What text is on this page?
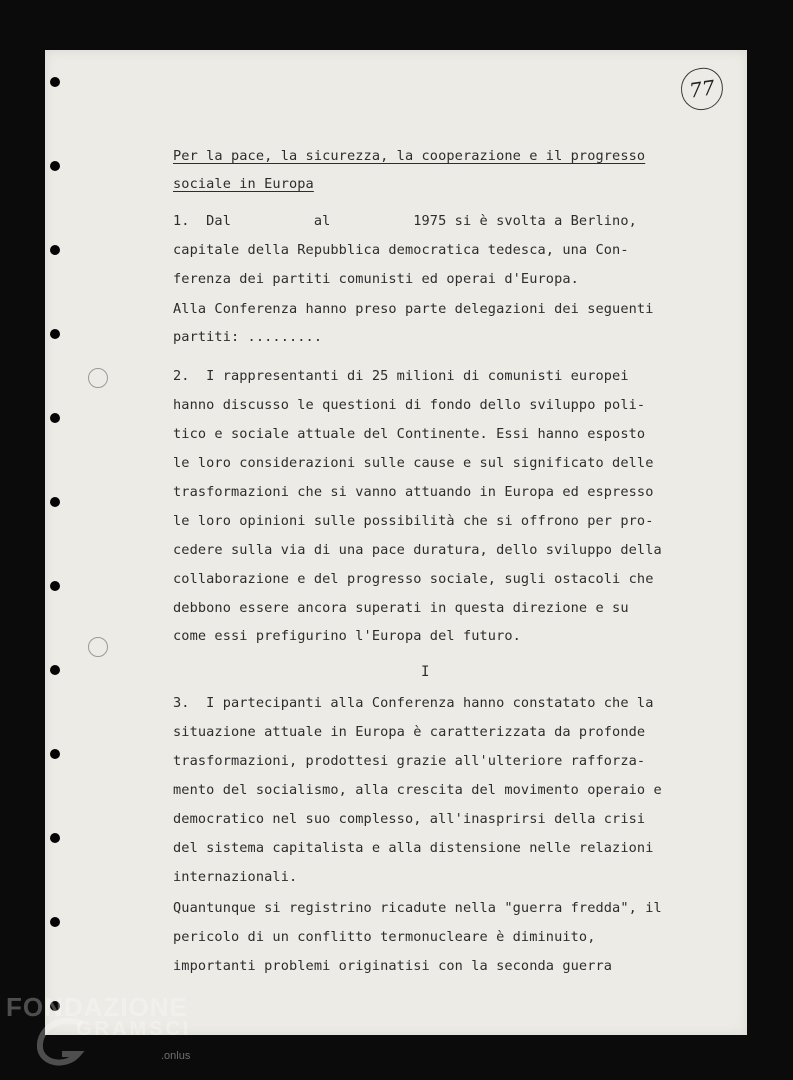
77
Per la pace, la sicurezza, la cooperazione e il progresso
sociale in Europa
1.  Dal          al          1975 si è svolta a Berlino,
capitale della Repubblica democratica tedesca, una Con-
ferenza dei partiti comunisti ed operai d'Europa.
Alla Conferenza hanno preso parte delegazioni dei seguenti
partiti: .........
2.  I rappresentanti di 25 milioni di comunisti europei
hanno discusso le questioni di fondo dello sviluppo poli-
tico e sociale attuale del Continente. Essi hanno esposto
le loro considerazioni sulle cause e sul significato delle
trasformazioni che si vanno attuando in Europa ed espresso
le loro opinioni sulle possibilità che si offrono per pro-
cedere sulla via di una pace duratura, dello sviluppo della
collaborazione e del progresso sociale, sugli ostacoli che
debbono essere ancora superati in questa direzione e su
come essi prefigurino l'Europa del futuro.
I
3.  I partecipanti alla Conferenza hanno constatato che la
situazione attuale in Europa è caratterizzata da profonde
trasformazioni, prodottesi grazie all'ulteriore rafforza-
mento del socialismo, alla crescita del movimento operaio e
democratico nel suo complesso, all'inasprirsi della crisi
del sistema capitalista e alla distensione nelle relazioni
internazionali.
Quantunque si registrino ricadute nella "guerra fredda", il
pericolo di un conflitto termonucleare è diminuito,
importanti problemi originatisi con la seconda guerra
FONDAZIONE
GRAMSCI
.onlus
